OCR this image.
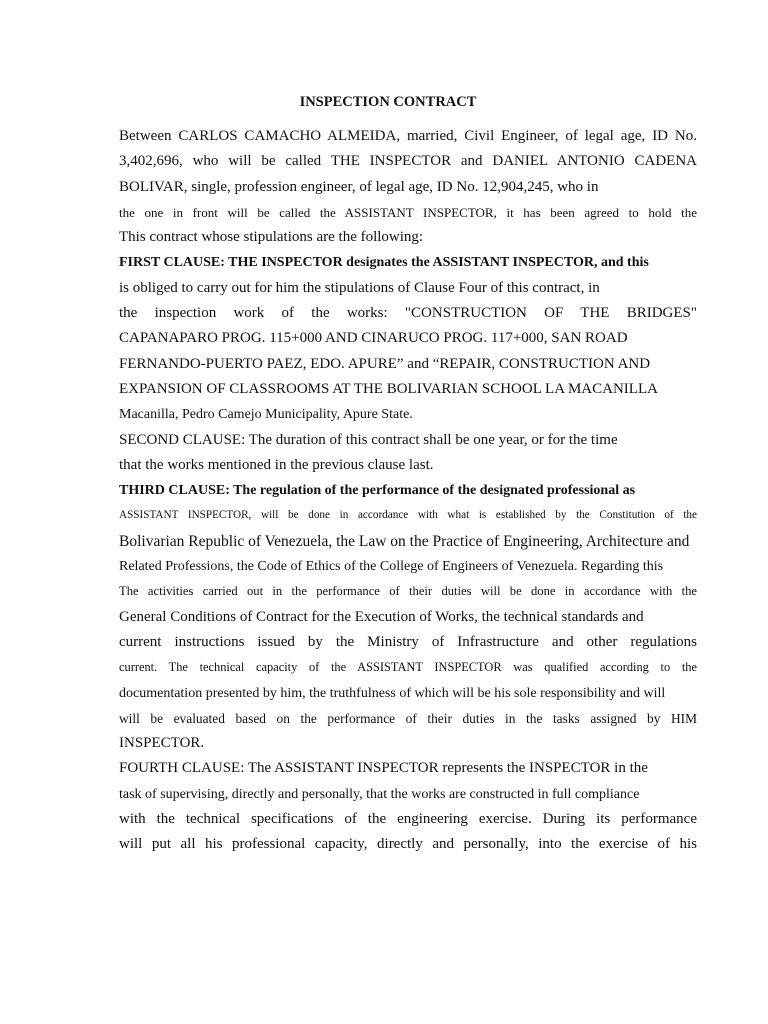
INSPECTION CONTRACT
Between CARLOS CAMACHO ALMEIDA, married, Civil Engineer, of legal age, ID No.
3,402,696, who will be called THE INSPECTOR and DANIEL ANTONIO CADENA
BOLIVAR, single, profession engineer, of legal age, ID No. 12,904,245, who in
the one in front will be called the ASSISTANT INSPECTOR, it has been agreed to hold the
This contract whose stipulations are the following:
FIRST CLAUSE: THE INSPECTOR designates the ASSISTANT INSPECTOR, and this
is obliged to carry out for him the stipulations of Clause Four of this contract, in
the inspection work of the works: "CONSTRUCTION OF THE BRIDGES"
CAPANAPARO PROG. 115+000 AND CINARUCO PROG. 117+000, SAN ROAD
FERNANDO-PUERTO PAEZ, EDO. APURE” and “REPAIR, CONSTRUCTION AND
EXPANSION OF CLASSROOMS AT THE BOLIVARIAN SCHOOL LA MACANILLA
Macanilla, Pedro Camejo Municipality, Apure State.
SECOND CLAUSE: The duration of this contract shall be one year, or for the time
that the works mentioned in the previous clause last.
THIRD CLAUSE: The regulation of the performance of the designated professional as
ASSISTANT INSPECTOR, will be done in accordance with what is established by the Constitution of the
Bolivarian Republic of Venezuela, the Law on the Practice of Engineering, Architecture and
Related Professions, the Code of Ethics of the College of Engineers of Venezuela. Regarding this
The activities carried out in the performance of their duties will be done in accordance with the
General Conditions of Contract for the Execution of Works, the technical standards and
current instructions issued by the Ministry of Infrastructure and other regulations
current. The technical capacity of the ASSISTANT INSPECTOR was qualified according to the
documentation presented by him, the truthfulness of which will be his sole responsibility and will
will be evaluated based on the performance of their duties in the tasks assigned by HIM
INSPECTOR.
FOURTH CLAUSE: The ASSISTANT INSPECTOR represents the INSPECTOR in the
task of supervising, directly and personally, that the works are constructed in full compliance
with the technical specifications of the engineering exercise. During its performance
will put all his professional capacity, directly and personally, into the exercise of his
